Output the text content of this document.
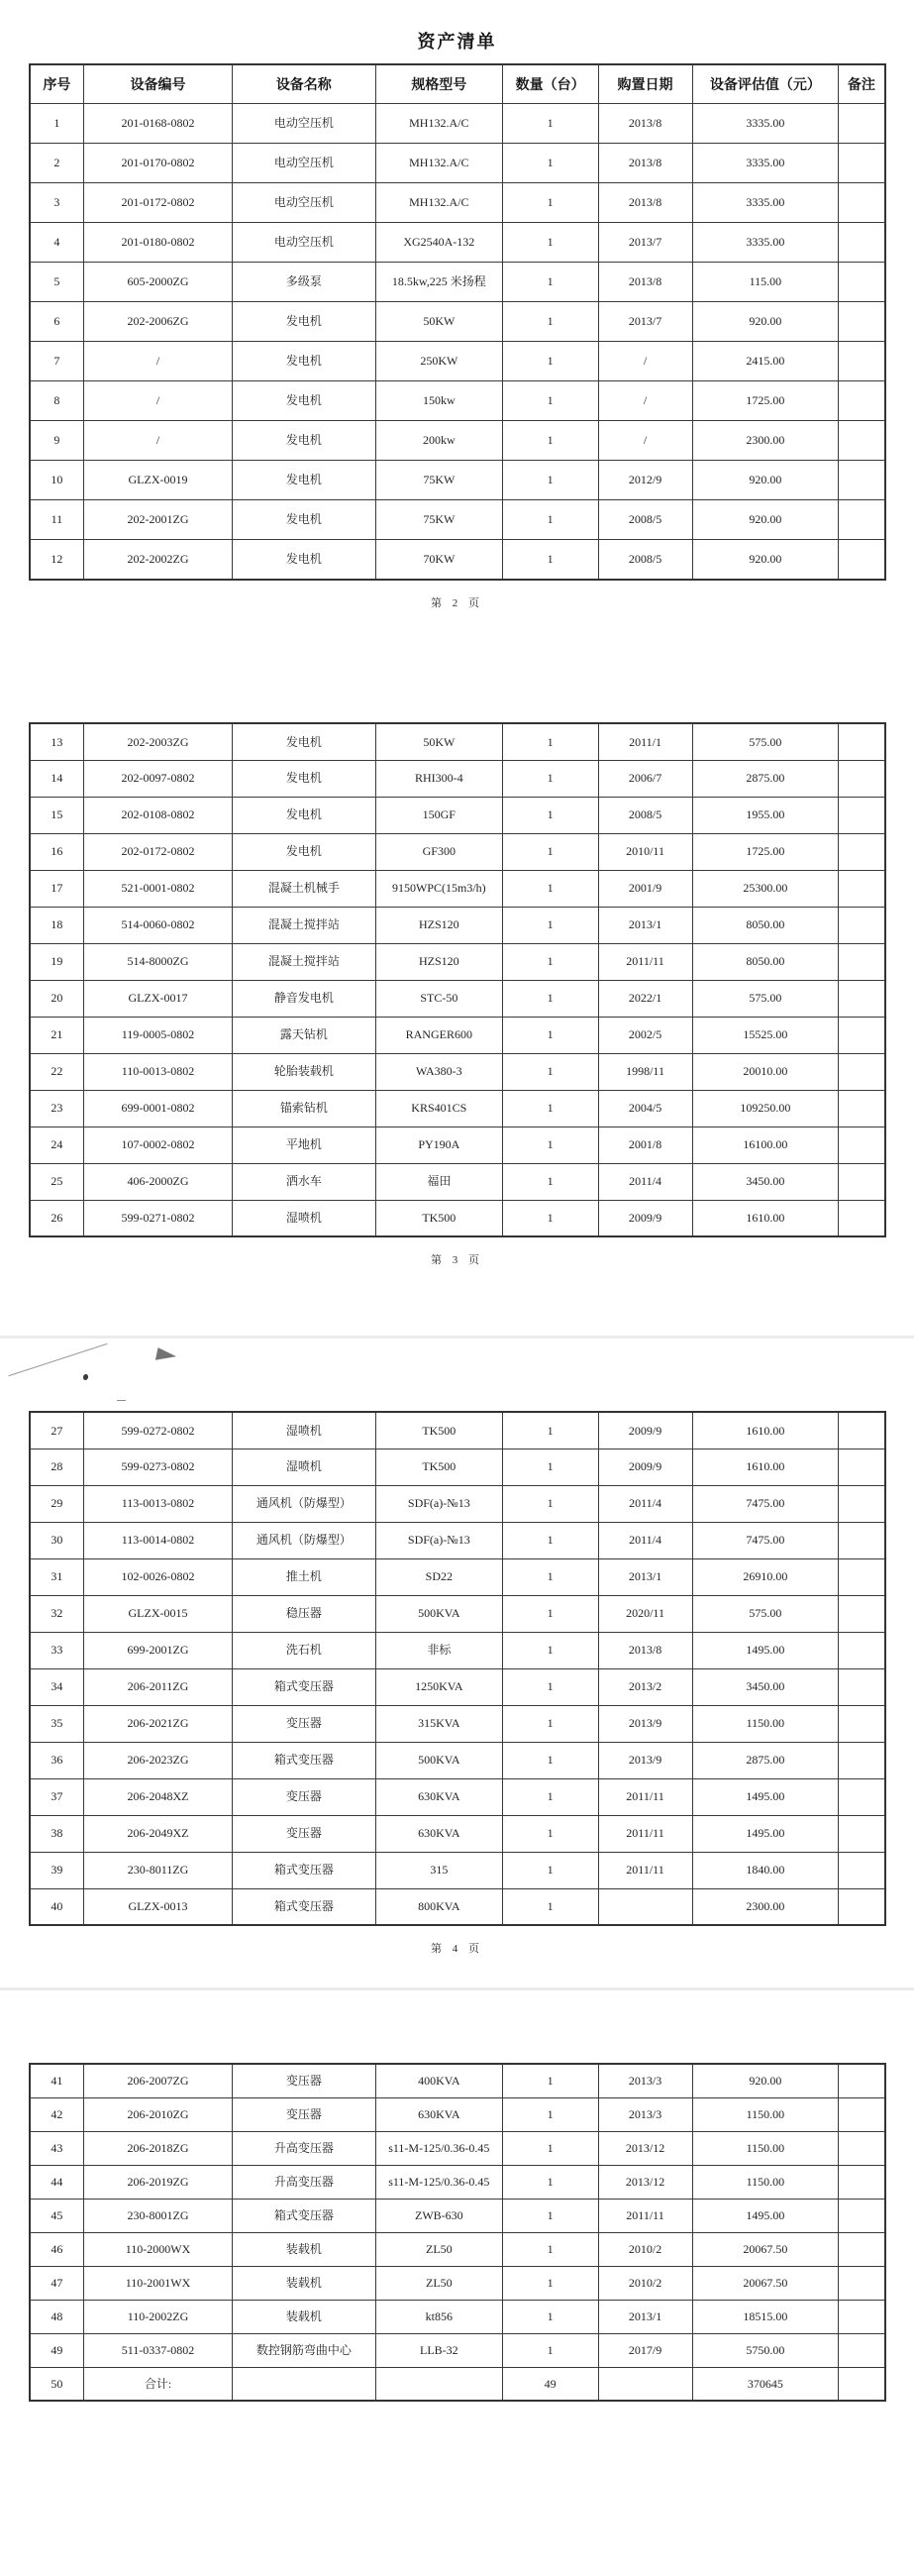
资产清单
序号	设备编号	设备名称	规格型号	数量（台）	购置日期	设备评估值（元）	备注
1	201-0168-0802	电动空压机	MH132.A/C	1	2013/8	3335.00	
2	201-0170-0802	电动空压机	MH132.A/C	1	2013/8	3335.00	
3	201-0172-0802	电动空压机	MH132.A/C	1	2013/8	3335.00	
4	201-0180-0802	电动空压机	XG2540A-132	1	2013/7	3335.00	
5	605-2000ZG	多级泵	18.5kw,225 米扬程	1	2013/8	115.00	
6	202-2006ZG	发电机	50KW	1	2013/7	920.00	
7	/	发电机	250KW	1	/	2415.00	
8	/	发电机	150kw	1	/	1725.00	
9	/	发电机	200kw	1	/	2300.00	
10	GLZX-0019	发电机	75KW	1	2012/9	920.00	
11	202-2001ZG	发电机	75KW	1	2008/5	920.00	
12	202-2002ZG	发电机	70KW	1	2008/5	920.00	
第 2 页
13	202-2003ZG	发电机	50KW	1	2011/1	575.00	
14	202-0097-0802	发电机	RHI300-4	1	2006/7	2875.00	
15	202-0108-0802	发电机	150GF	1	2008/5	1955.00	
16	202-0172-0802	发电机	GF300	1	2010/11	1725.00	
17	521-0001-0802	混凝土机械手	9150WPC(15m3/h)	1	2001/9	25300.00	
18	514-0060-0802	混凝土搅拌站	HZS120	1	2013/1	8050.00	
19	514-8000ZG	混凝土搅拌站	HZS120	1	2011/11	8050.00	
20	GLZX-0017	静音发电机	STC-50	1	2022/1	575.00	
21	119-0005-0802	露天钻机	RANGER600	1	2002/5	15525.00	
22	110-0013-0802	轮胎装载机	WA380-3	1	1998/11	20010.00	
23	699-0001-0802	锚索钻机	KRS401CS	1	2004/5	109250.00	
24	107-0002-0802	平地机	PY190A	1	2001/8	16100.00	
25	406-2000ZG	洒水车	福田	1	2011/4	3450.00	
26	599-0271-0802	湿喷机	TK500	1	2009/9	1610.00	
第 3 页
27	599-0272-0802	湿喷机	TK500	1	2009/9	1610.00	
28	599-0273-0802	湿喷机	TK500	1	2009/9	1610.00	
29	113-0013-0802	通风机（防爆型）	SDF(a)-№13	1	2011/4	7475.00	
30	113-0014-0802	通风机（防爆型）	SDF(a)-№13	1	2011/4	7475.00	
31	102-0026-0802	推土机	SD22	1	2013/1	26910.00	
32	GLZX-0015	稳压器	500KVA	1	2020/11	575.00	
33	699-2001ZG	洗石机	非标	1	2013/8	1495.00	
34	206-2011ZG	箱式变压器	1250KVA	1	2013/2	3450.00	
35	206-2021ZG	变压器	315KVA	1	2013/9	1150.00	
36	206-2023ZG	箱式变压器	500KVA	1	2013/9	2875.00	
37	206-2048XZ	变压器	630KVA	1	2011/11	1495.00	
38	206-2049XZ	变压器	630KVA	1	2011/11	1495.00	
39	230-8011ZG	箱式变压器	315	1	2011/11	1840.00	
40	GLZX-0013	箱式变压器	800KVA	1		2300.00	
第 4 页
41	206-2007ZG	变压器	400KVA	1	2013/3	920.00	
42	206-2010ZG	变压器	630KVA	1	2013/3	1150.00	
43	206-2018ZG	升高变压器	s11-M-125/0.36-0.45	1	2013/12	1150.00	
44	206-2019ZG	升高变压器	s11-M-125/0.36-0.45	1	2013/12	1150.00	
45	230-8001ZG	箱式变压器	ZWB-630	1	2011/11	1495.00	
46	110-2000WX	装载机	ZL50	1	2010/2	20067.50	
47	110-2001WX	装载机	ZL50	1	2010/2	20067.50	
48	110-2002ZG	装载机	kt856	1	2013/1	18515.00	
49	511-0337-0802	数控钢筋弯曲中心	LLB-32	1	2017/9	5750.00	
50	合计:			49		370645	
